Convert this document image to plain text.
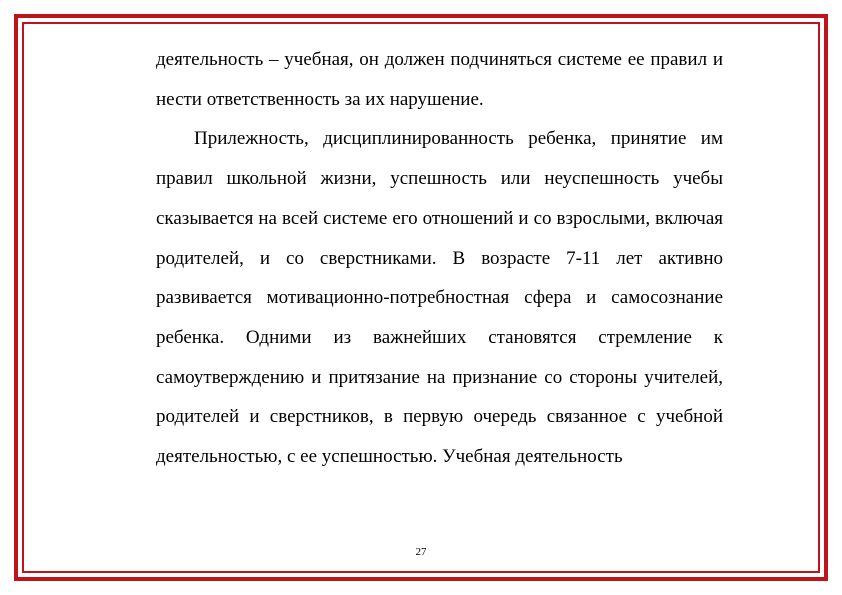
деятельность – учебная, он должен подчиняться системе ее правил и нести ответственность за их нарушение.

Прилежность, дисциплинированность ребенка, принятие им правил школьной жизни, успешность или неуспешность учебы сказывается на всей системе его отношений и со взрослыми, включая родителей, и со сверстниками. В возрасте 7-11 лет активно развивается мотивационно-потребностная сфера и самосознание ребенка. Одними из важнейших становятся стремление к самоутверждению и притязание на признание со стороны учителей, родителей и сверстников, в первую очередь связанное с учебной деятельностью, с ее успешностью. Учебная деятельность

27
